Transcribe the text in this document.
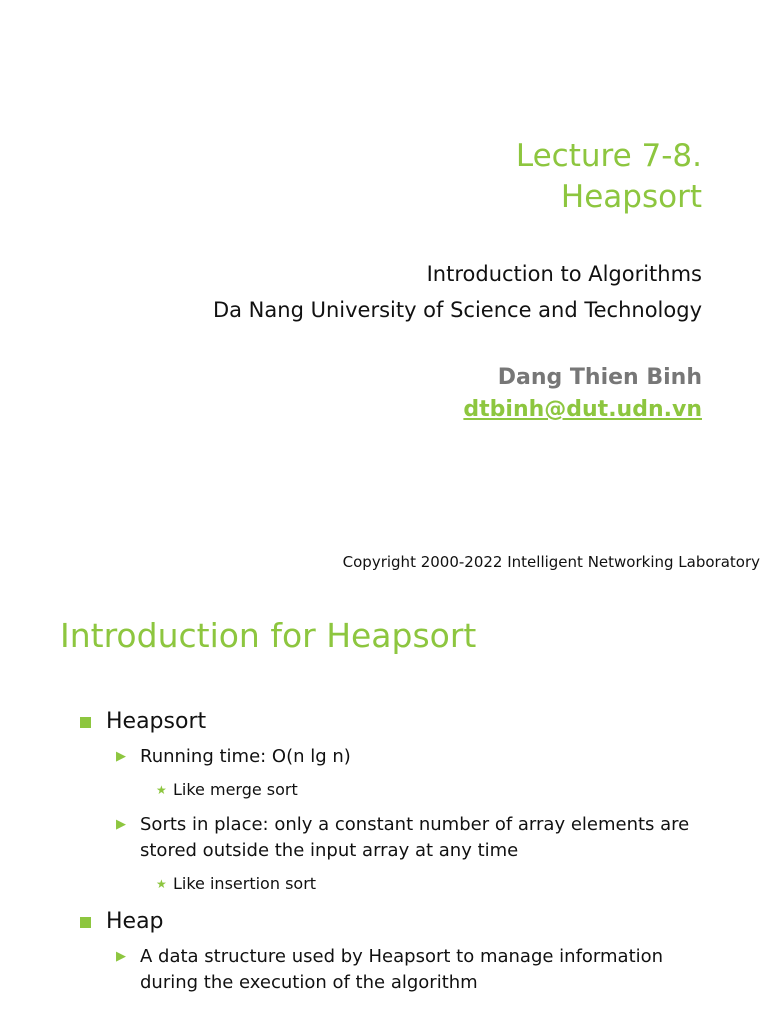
Lecture 7-8.
Heapsort
Introduction to Algorithms
Da Nang University of Science and Technology
Dang Thien Binh
dtbinh@dut.udn.vn
Copyright 2000-2022 Intelligent Networking Laboratory
Introduction for Heapsort
Heapsort
▶ Running time: O(n lg n)
★ Like merge sort
▶ Sorts in place: only a constant number of array elements are stored outside the input array at any time
★ Like insertion sort
Heap
▶ A data structure used by Heapsort to manage information during the execution of the algorithm
